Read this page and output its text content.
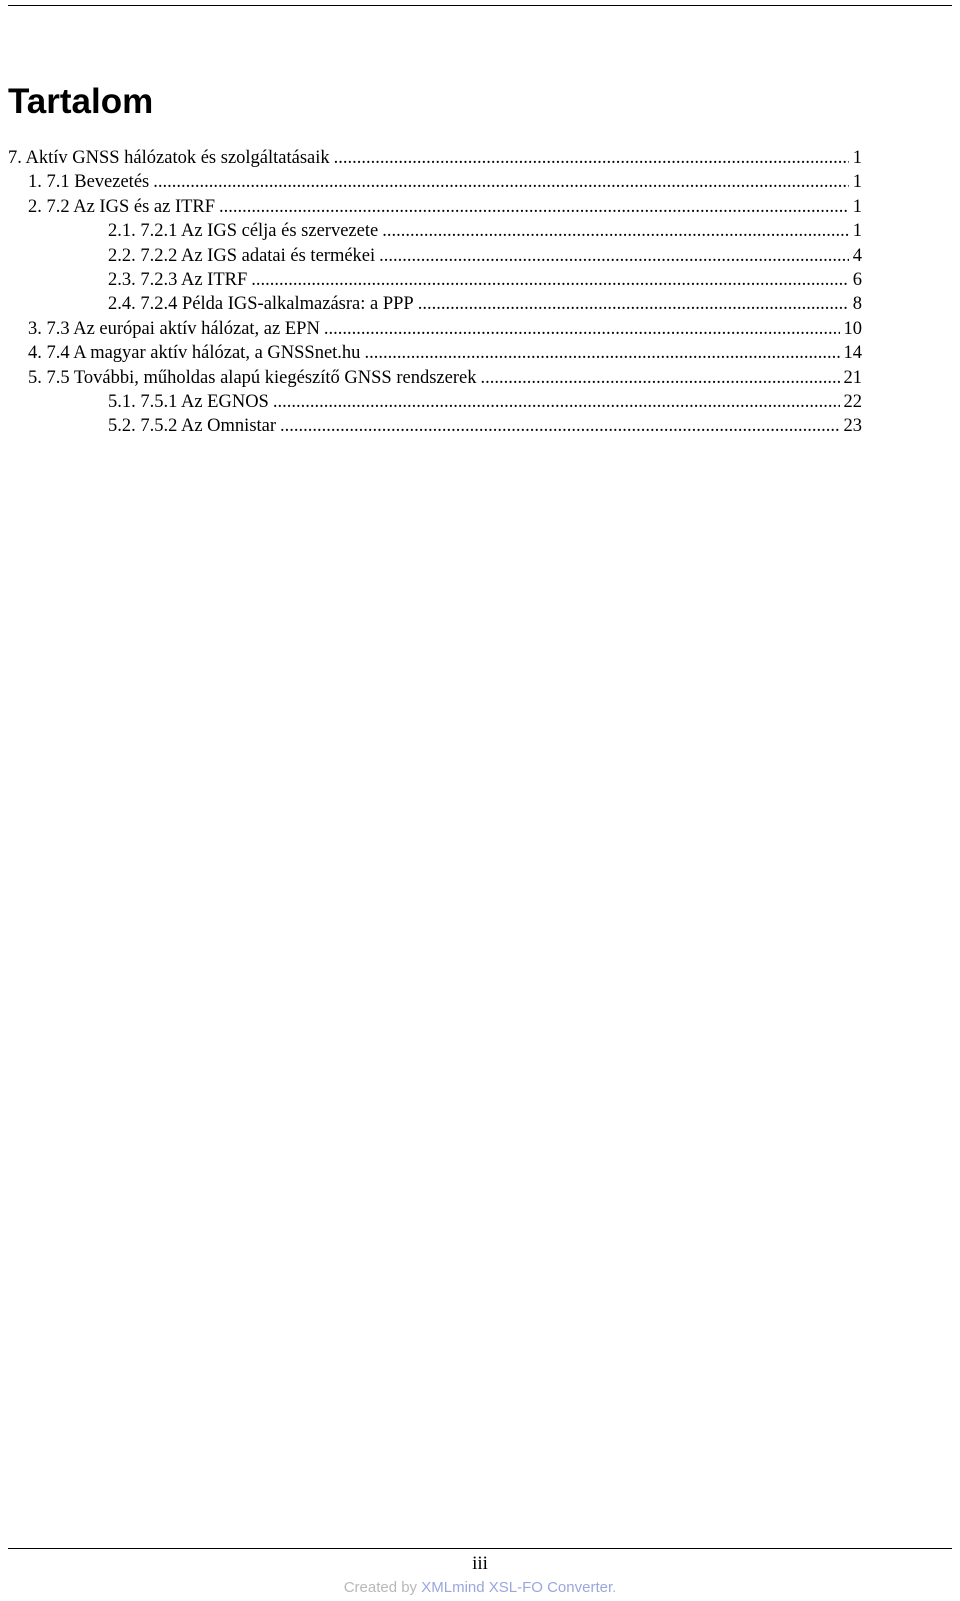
Tartalom
7. Aktív GNSS hálózatok és szolgáltatásaik .....	1
1. 7.1 Bevezetés .....	1
2. 7.2 Az IGS és az ITRF .....	1
2.1. 7.2.1 Az IGS célja és szervezete .....	1
2.2. 7.2.2 Az IGS adatai és termékei .....	4
2.3. 7.2.3 Az ITRF .....	6
2.4. 7.2.4 Példa IGS-alkalmazásra: a PPP .....	8
3. 7.3 Az európai aktív hálózat, az EPN .....	10
4. 7.4 A magyar aktív hálózat, a GNSSnet.hu .....	14
5. 7.5 További, műholdas alapú kiegészítő GNSS rendszerek .....	21
5.1. 7.5.1 Az EGNOS .....	22
5.2. 7.5.2 Az Omnistar .....	23
iii
Created by XMLmind XSL-FO Converter.
